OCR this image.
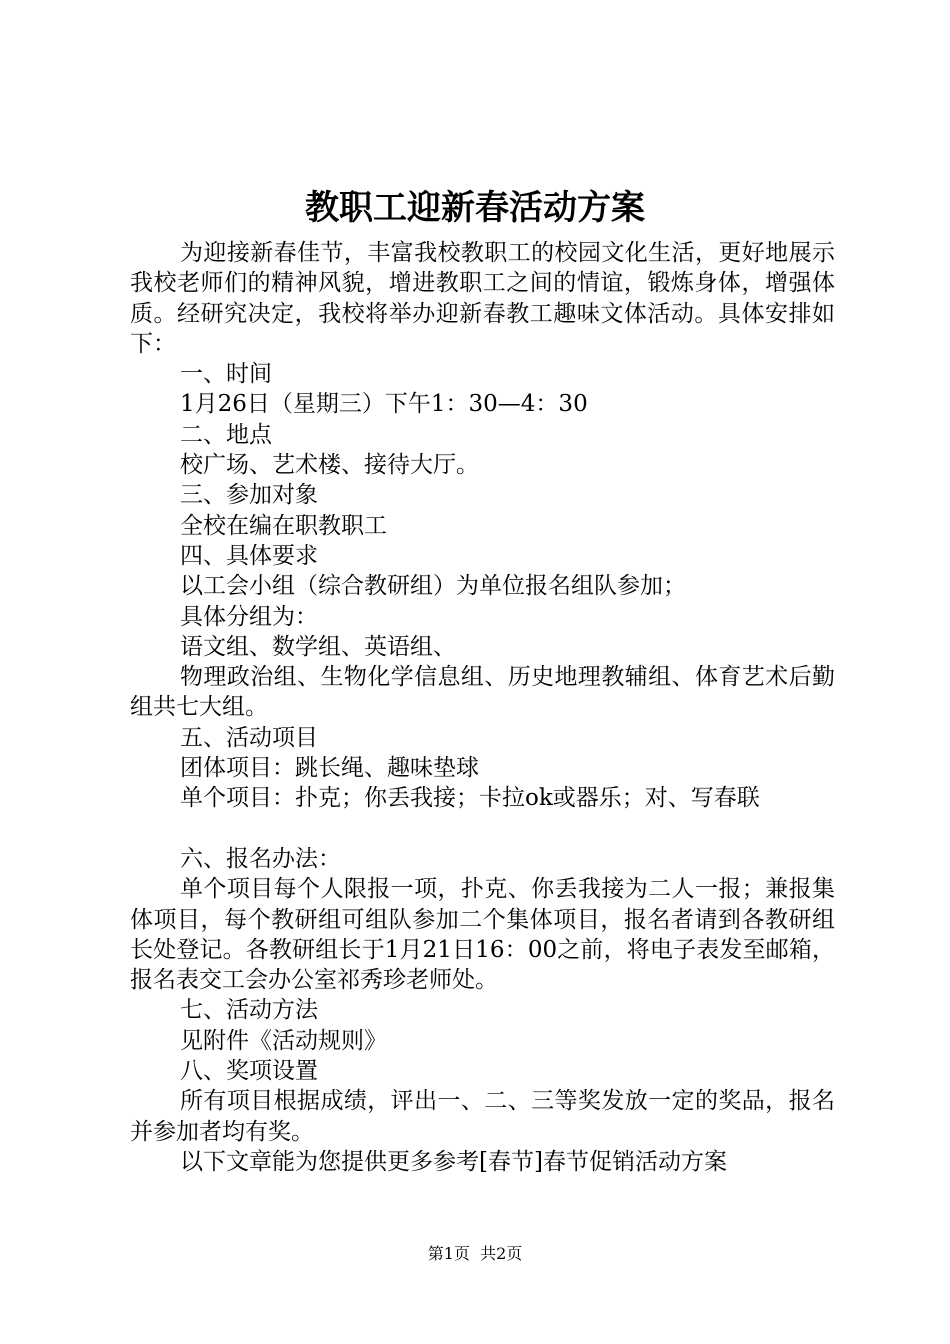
教职工迎新春活动方案

为迎接新春佳节，丰富我校教职工的校园文化生活，更好地展示我校老师们的精神风貌，增进教职工之间的情谊，锻炼身体，增强体质。经研究决定，我校将举办迎新春教工趣味文体活动。具体安排如下：

一、时间

1月26日（星期三）下午1：30—4：30

二、地点

校广场、艺术楼、接待大厅。

三、参加对象

全校在编在职教职工

四、具体要求

以工会小组（综合教研组）为单位报名组队参加；

具体分组为：

语文组、数学组、英语组、

物理政治组、生物化学信息组、历史地理教辅组、体育艺术后勤组共七大组。

五、活动项目

团体项目：跳长绳、趣味垫球

单个项目：扑克；你丢我接；卡拉ok或器乐；对、写春联

六、报名办法：

单个项目每个人限报一项，扑克、你丢我接为二人一报；兼报集体项目，每个教研组可组队参加二个集体项目，报名者请到各教研组长处登记。各教研组长于1月21日16：00之前，将电子表发至邮箱，报名表交工会办公室祁秀珍老师处。

七、活动方法

见附件《活动规则》

八、奖项设置

所有项目根据成绩，评出一、二、三等奖发放一定的奖品，报名并参加者均有奖。

以下文章能为您提供更多参考[春节]春节促销活动方案

第1页  共2页
